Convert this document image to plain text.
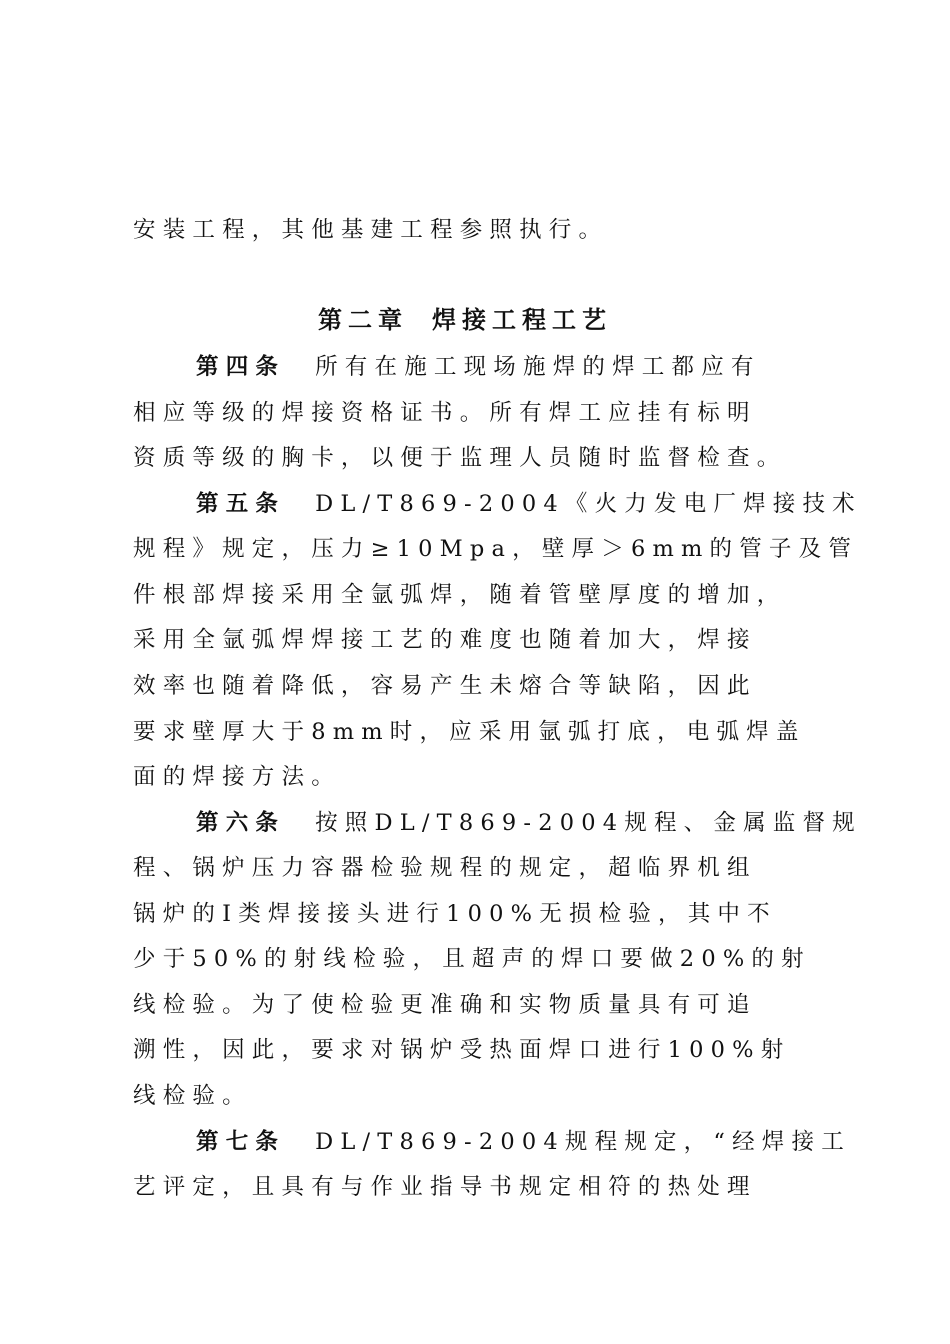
安装工程，其他基建工程参照执行。
第二章 焊接工程工艺
第四条 所有在施工现场施焊的焊工都应有
相应等级的焊接资格证书。所有焊工应挂有标明
资质等级的胸卡，以便于监理人员随时监督检查。
第五条 DL/T869-2004《火力发电厂焊接技术
规程》规定，压力≥10Mpa，壁厚＞6mm的管子及管
件根部焊接采用全氩弧焊，随着管壁厚度的增加，
采用全氩弧焊焊接工艺的难度也随着加大，焊接
效率也随着降低，容易产生未熔合等缺陷，因此
要求壁厚大于8mm时，应采用氩弧打底，电弧焊盖
面的焊接方法。
第六条 按照DL/T869-2004规程、金属监督规
程、锅炉压力容器检验规程的规定，超临界机组
锅炉的Ⅰ类焊接接头进行100%无损检验，其中不
少于50%的射线检验，且超声的焊口要做20%的射
线检验。为了使检验更准确和实物质量具有可追
溯性，因此，要求对锅炉受热面焊口进行100%射
线检验。
第七条 DL/T869-2004规程规定，“经焊接工
艺评定，且具有与作业指导书规定相符的热处理
